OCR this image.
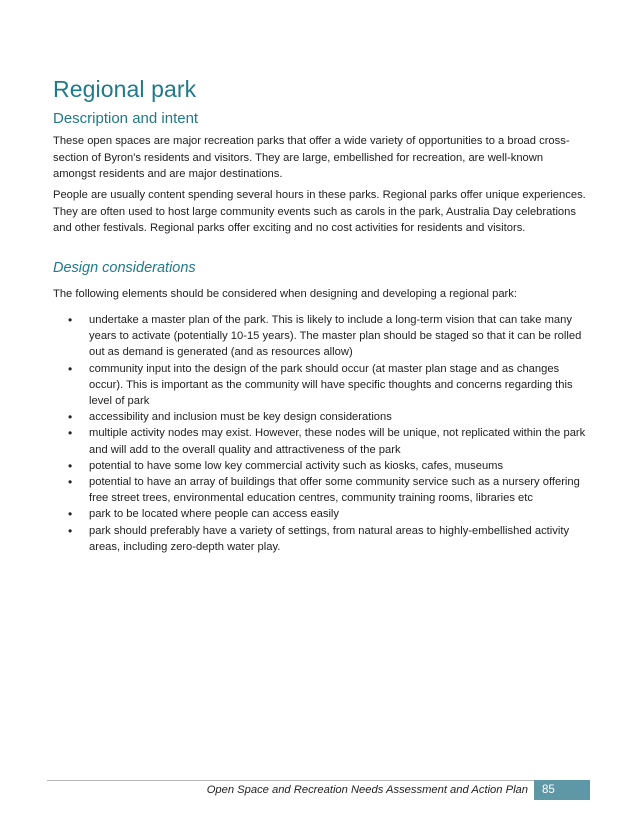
Regional park
Description and intent

These open spaces are major recreation parks that offer a wide variety of opportunities to a broad cross-section of Byron's residents and visitors. They are large, embellished for recreation, are well-known amongst residents and are major destinations.

People are usually content spending several hours in these parks. Regional parks offer unique experiences. They are often used to host large community events such as carols in the park, Australia Day celebrations and other festivals. Regional parks offer exciting and no cost activities for residents and visitors.

Design considerations

The following elements should be considered when designing and developing a regional park:

• undertake a master plan of the park. This is likely to include a long-term vision that can take many years to activate (potentially 10-15 years). The master plan should be staged so that it can be rolled out as demand is generated (and as resources allow)
• community input into the design of the park should occur (at master plan stage and as changes occur). This is important as the community will have specific thoughts and concerns regarding this level of park
• accessibility and inclusion must be key design considerations
• multiple activity nodes may exist. However, these nodes will be unique, not replicated within the park and will add to the overall quality and attractiveness of the park
• potential to have some low key commercial activity such as kiosks, cafes, museums
• potential to have an array of buildings that offer some community service such as a nursery offering free street trees, environmental education centres, community training rooms, libraries etc
• park to be located where people can access easily
• park should preferably have a variety of settings, from natural areas to highly-embellished activity areas, including zero-depth water play.
Open Space and Recreation Needs Assessment and Action Plan	85
